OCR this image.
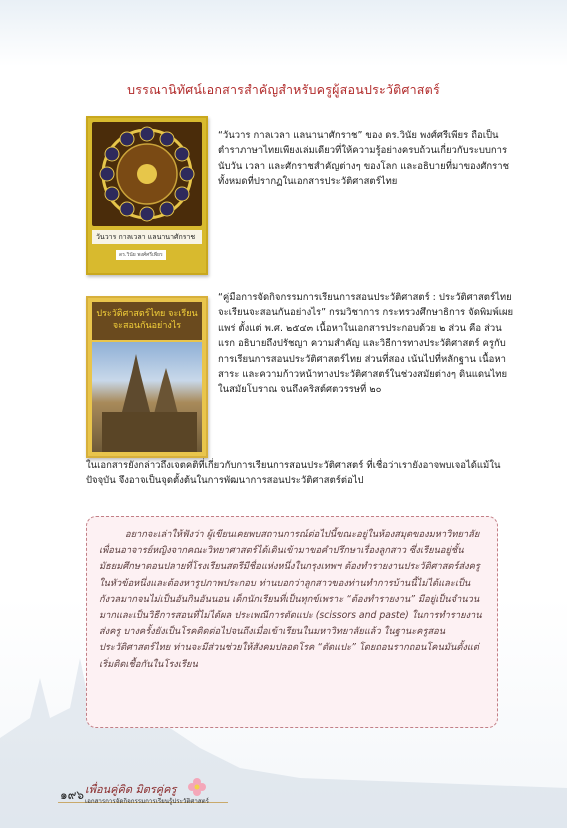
บรรณานิทัศน์เอกสารสำคัญสำหรับครูผู้สอนประวัติศาสตร์
วันวาร กาลเวลา แลนานาศักราช
ดร.วินัย พงศ์ศรีเพียร
“วันวาร กาลเวลา แลนานาศักราช” ของ ดร.วินัย พงศ์ศรีเพียร ถือเป็นตำราภาษาไทยเพียงเล่มเดียวที่ให้ความรู้อย่างครบถ้วนเกี่ยวกับระบบการนับวัน เวลา และศักราชสำคัญต่างๆ ของโลก และอธิบายที่มาของศักราชทั้งหมดที่ปรากฏในเอกสารประวัติศาสตร์ไทย
ประวัติศาสตร์ไทย จะเรียนจะสอนกันอย่างไร
“คู่มือการจัดกิจกรรมการเรียนการสอนประวัติศาสตร์ : ประวัติศาสตร์ไทยจะเรียนจะสอนกันอย่างไร” กรมวิชาการ กระทรวงศึกษาธิการ จัดพิมพ์เผยแพร่ ตั้งแต่ พ.ศ. ๒๕๔๓ เนื้อหาในเอกสารประกอบด้วย ๒ ส่วน คือ ส่วนแรก อธิบายถึงปรัชญา ความสำคัญ และวิธีการทางประวัติศาสตร์ ครูกับการเรียนการสอนประวัติศาสตร์ไทย ส่วนที่สอง เน้นไปที่หลักฐาน เนื้อหาสาระ และความก้าวหน้าทางประวัติศาสตร์ในช่วงสมัยต่างๆ ดินแดนไทยในสมัยโบราณ จนถึงคริสต์ศตวรรษที่ ๒๐
ในเอกสารยังกล่าวถึงเจตคติที่เกี่ยวกับการเรียนการสอนประวัติศาสตร์ ที่เชื่อว่าเรายังอาจพบเจอได้แม้ในปัจจุบัน จึงอาจเป็นจุดตั้งต้นในการพัฒนาการสอนประวัติศาสตร์ต่อไป

อยากจะเล่าให้ฟังว่า ผู้เขียนเคยพบสถานการณ์ต่อไปนี้ขณะอยู่ในห้องสมุดของมหาวิทยาลัย เพื่อนอาจารย์หญิงจากคณะวิทยาศาสตร์ได้เดินเข้ามาขอคำปรึกษาเรื่องลูกสาว ซึ่งเรียนอยู่ชั้นมัธยมศึกษาตอนปลายที่โรงเรียนสตรีมีชื่อแห่งหนึ่งในกรุงเทพฯ ต้องทำรายงานประวัติศาสตร์ส่งครูในหัวข้อหนึ่งและต้องหารูปภาพประกอบ ท่านบอกว่าลูกสาวของท่านทำการบ้านนี้ไม่ได้และเป็นกังวลมากจนไม่เป็นอันกินอันนอน เด็กนักเรียนที่เป็นทุกข์เพราะ “ต้องทำรายงาน” มีอยู่เป็นจำนวนมากและเป็นวิธีการสอนที่ไม่ได้ผล ประเพณีการตัดแปะ (scissors and paste) ในการทำรายงานส่งครู บางครั้งยังเป็นโรคติดต่อไปจนถึงเมื่อเข้าเรียนในมหาวิทยาลัยแล้ว ในฐานะครูสอนประวัติศาสตร์ไทย ท่านจะมีส่วนช่วยให้สังคมปลอดโรค “ตัดแปะ” โดยถอนรากถอนโคนมันตั้งแต่เริ่มติดเชื้อกันในโรงเรียน

๑๙๖ เพื่อนคู่คิด มิตรคู่ครู
เอกสารการจัดกิจกรรมการเรียนรู้ประวัติศาสตร์
